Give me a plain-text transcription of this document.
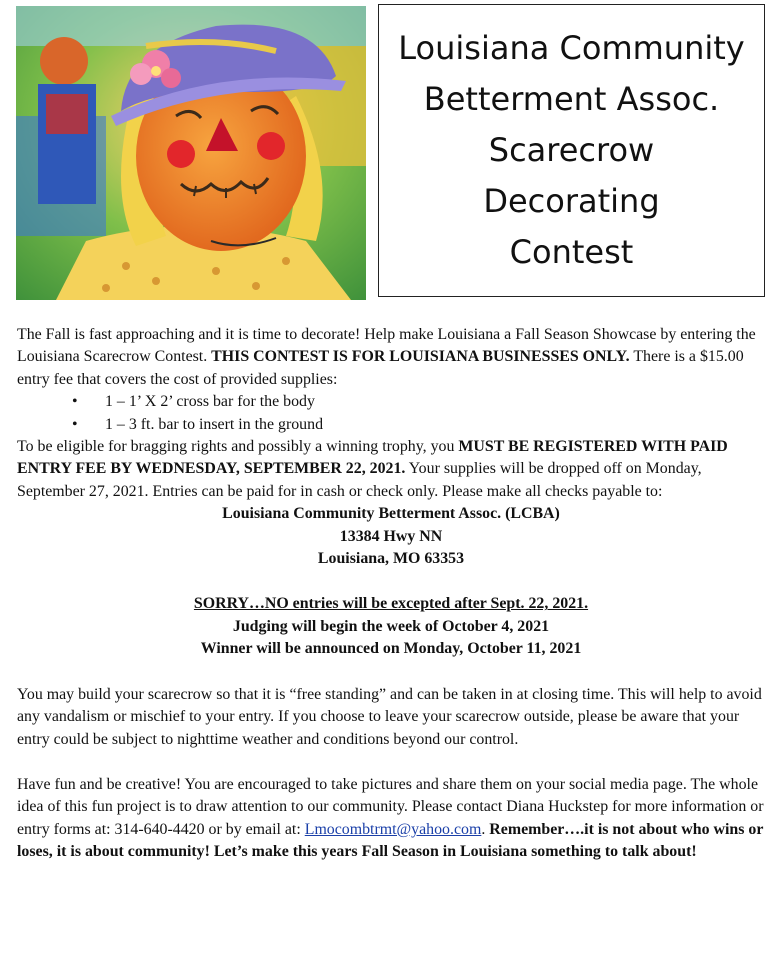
Louisiana Community
Betterment Assoc.
Scarecrow
Decorating
Contest

The Fall is fast approaching and it is time to decorate! Help make Louisiana a Fall Season Showcase by entering the Louisiana Scarecrow Contest. THIS CONTEST IS FOR LOUISIANA BUSINESSES ONLY. There is a $15.00 entry fee that covers the cost of provided supplies:

• 1 – 1’ X 2’ cross bar for the body
• 1 – 3 ft. bar to insert in the ground

To be eligible for bragging rights and possibly a winning trophy, you MUST BE REGISTERED WITH PAID ENTRY FEE BY WEDNESDAY, SEPTEMBER 22, 2021. Your supplies will be dropped off on Monday, September 27, 2021. Entries can be paid for in cash or check only. Please make all checks payable to:

Louisiana Community Betterment Assoc. (LCBA)
13384 Hwy NN
Louisiana, MO 63353
SORRY…NO entries will be excepted after Sept. 22, 2021.
Judging will begin the week of October 4, 2021
Winner will be announced on Monday, October 11, 2021

You may build your scarecrow so that it is “free standing” and can be taken in at closing time. This will help to avoid any vandalism or mischief to your entry. If you choose to leave your scarecrow outside, please be aware that your entry could be subject to nighttime weather and conditions beyond our control.

Have fun and be creative! You are encouraged to take pictures and share them on your social media page. The whole idea of this fun project is to draw attention to our community. Please contact Diana Huckstep for more information or entry forms at: 314-640-4420 or by email at: Lmocombtrmt@yahoo.com. Remember….it is not about who wins or loses, it is about community! Let’s make this years Fall Season in Louisiana something to talk about!
